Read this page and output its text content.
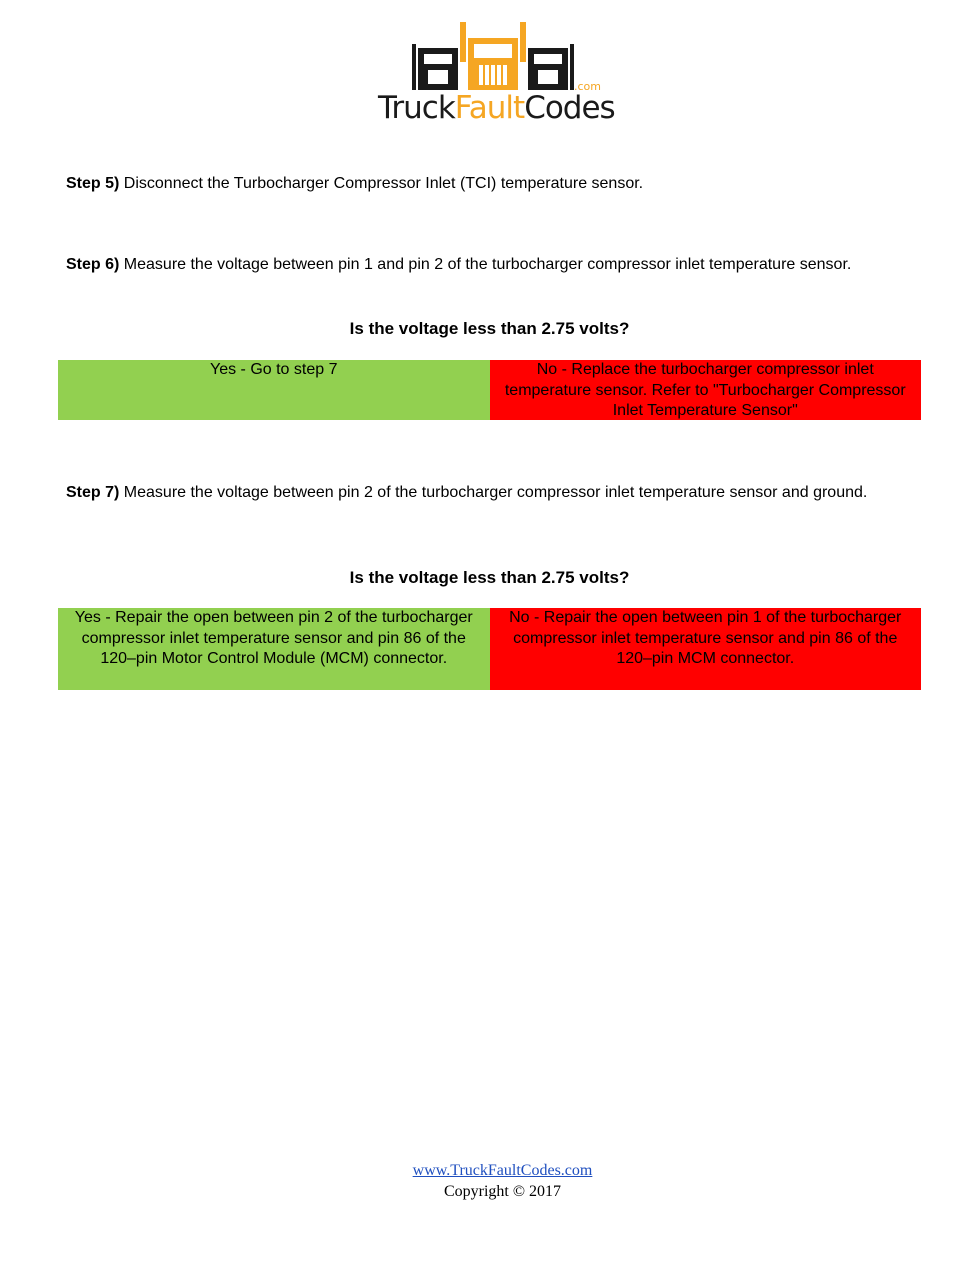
TruckFaultCodes
.com
Step 5) Disconnect the Turbocharger Compressor Inlet (TCI) temperature sensor.
Step 6) Measure the voltage between pin 1 and pin 2 of the turbocharger compressor inlet temperature sensor.
Is the voltage less than 2.75 volts?
Yes - Go to step 7	No - Replace the turbocharger compressor inlet temperature sensor. Refer to "Turbocharger Compressor Inlet Temperature Sensor"
Step 7) Measure the voltage between pin 2 of the turbocharger compressor inlet temperature sensor and ground.
Is the voltage less than 2.75 volts?
Yes - Repair the open between pin 2 of the turbocharger compressor inlet temperature sensor and pin 86 of the 120–pin Motor Control Module (MCM) connector.
No - Repair the open between pin 1 of the turbocharger compressor inlet temperature sensor and pin 86 of the 120–pin MCM connector.
www.TruckFaultCodes.com
Copyright © 2017
